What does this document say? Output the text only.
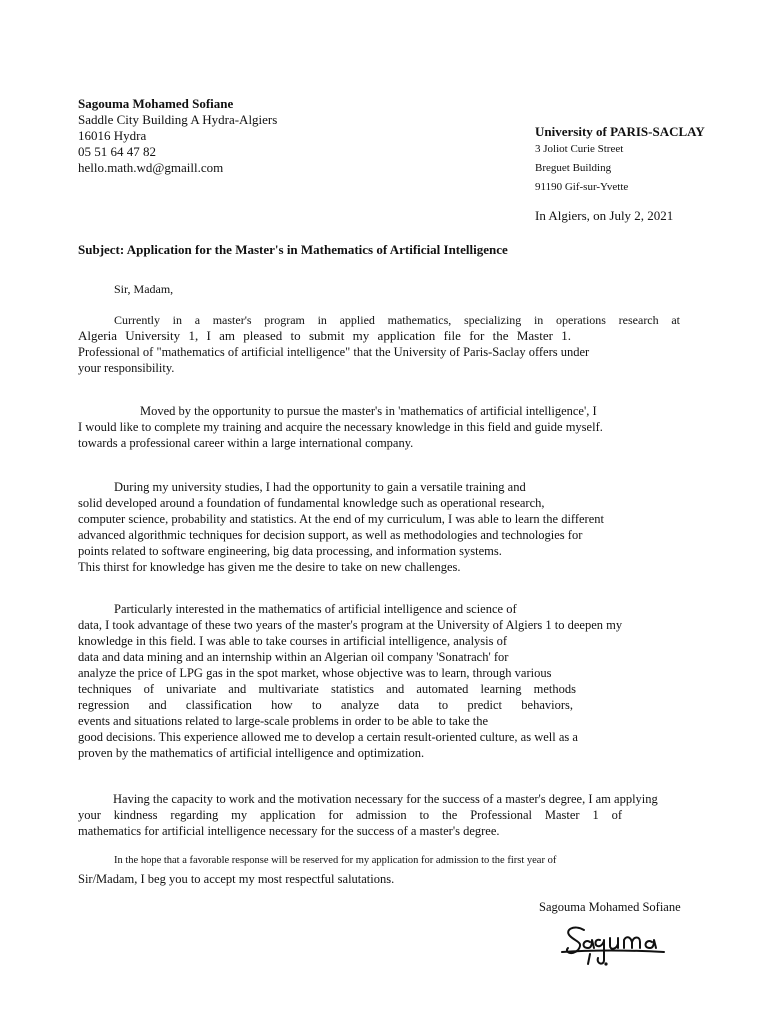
Sagouma Mohamed Sofiane
Saddle City Building A Hydra-Algiers
16016 Hydra
05 51 64 47 82
hello.math.wd@gmaill.com
University of PARIS-SACLAY
3 Joliot Curie Street
Breguet Building
91190 Gif-sur-Yvette
In Algiers, on July 2, 2021
Subject: Application for the Master's in Mathematics of Artificial Intelligence
Sir, Madam,
Currently in a master's program in applied mathematics, specializing in operations research at
Algeria University 1, I am pleased to submit my application file for the Master 1.
Professional of "mathematics of artificial intelligence" that the University of Paris-Saclay offers under
your responsibility.
Moved by the opportunity to pursue the master's in 'mathematics of artificial intelligence', I
I would like to complete my training and acquire the necessary knowledge in this field and guide myself.
towards a professional career within a large international company.
During my university studies, I had the opportunity to gain a versatile training and
solid developed around a foundation of fundamental knowledge such as operational research,
computer science, probability and statistics. At the end of my curriculum, I was able to learn the different
advanced algorithmic techniques for decision support, as well as methodologies and technologies for
points related to software engineering, big data processing, and information systems.
This thirst for knowledge has given me the desire to take on new challenges.
Particularly interested in the mathematics of artificial intelligence and science of
data, I took advantage of these two years of the master's program at the University of Algiers 1 to deepen my
knowledge in this field. I was able to take courses in artificial intelligence, analysis of
data and data mining and an internship within an Algerian oil company 'Sonatrach' for
analyze the price of LPG gas in the spot market, whose objective was to learn, through various
techniques of univariate and multivariate statistics and automated learning methods
regression and classification how to analyze data to predict behaviors,
events and situations related to large-scale problems in order to be able to take the
good decisions. This experience allowed me to develop a certain result-oriented culture, as well as a
proven by the mathematics of artificial intelligence and optimization.
Having the capacity to work and the motivation necessary for the success of a master's degree, I am applying
your kindness regarding my application for admission to the Professional Master 1 of
mathematics for artificial intelligence necessary for the success of a master's degree.
In the hope that a favorable response will be reserved for my application for admission to the first year of
Sir/Madam, I beg you to accept my most respectful salutations.
Sagouma Mohamed Sofiane
